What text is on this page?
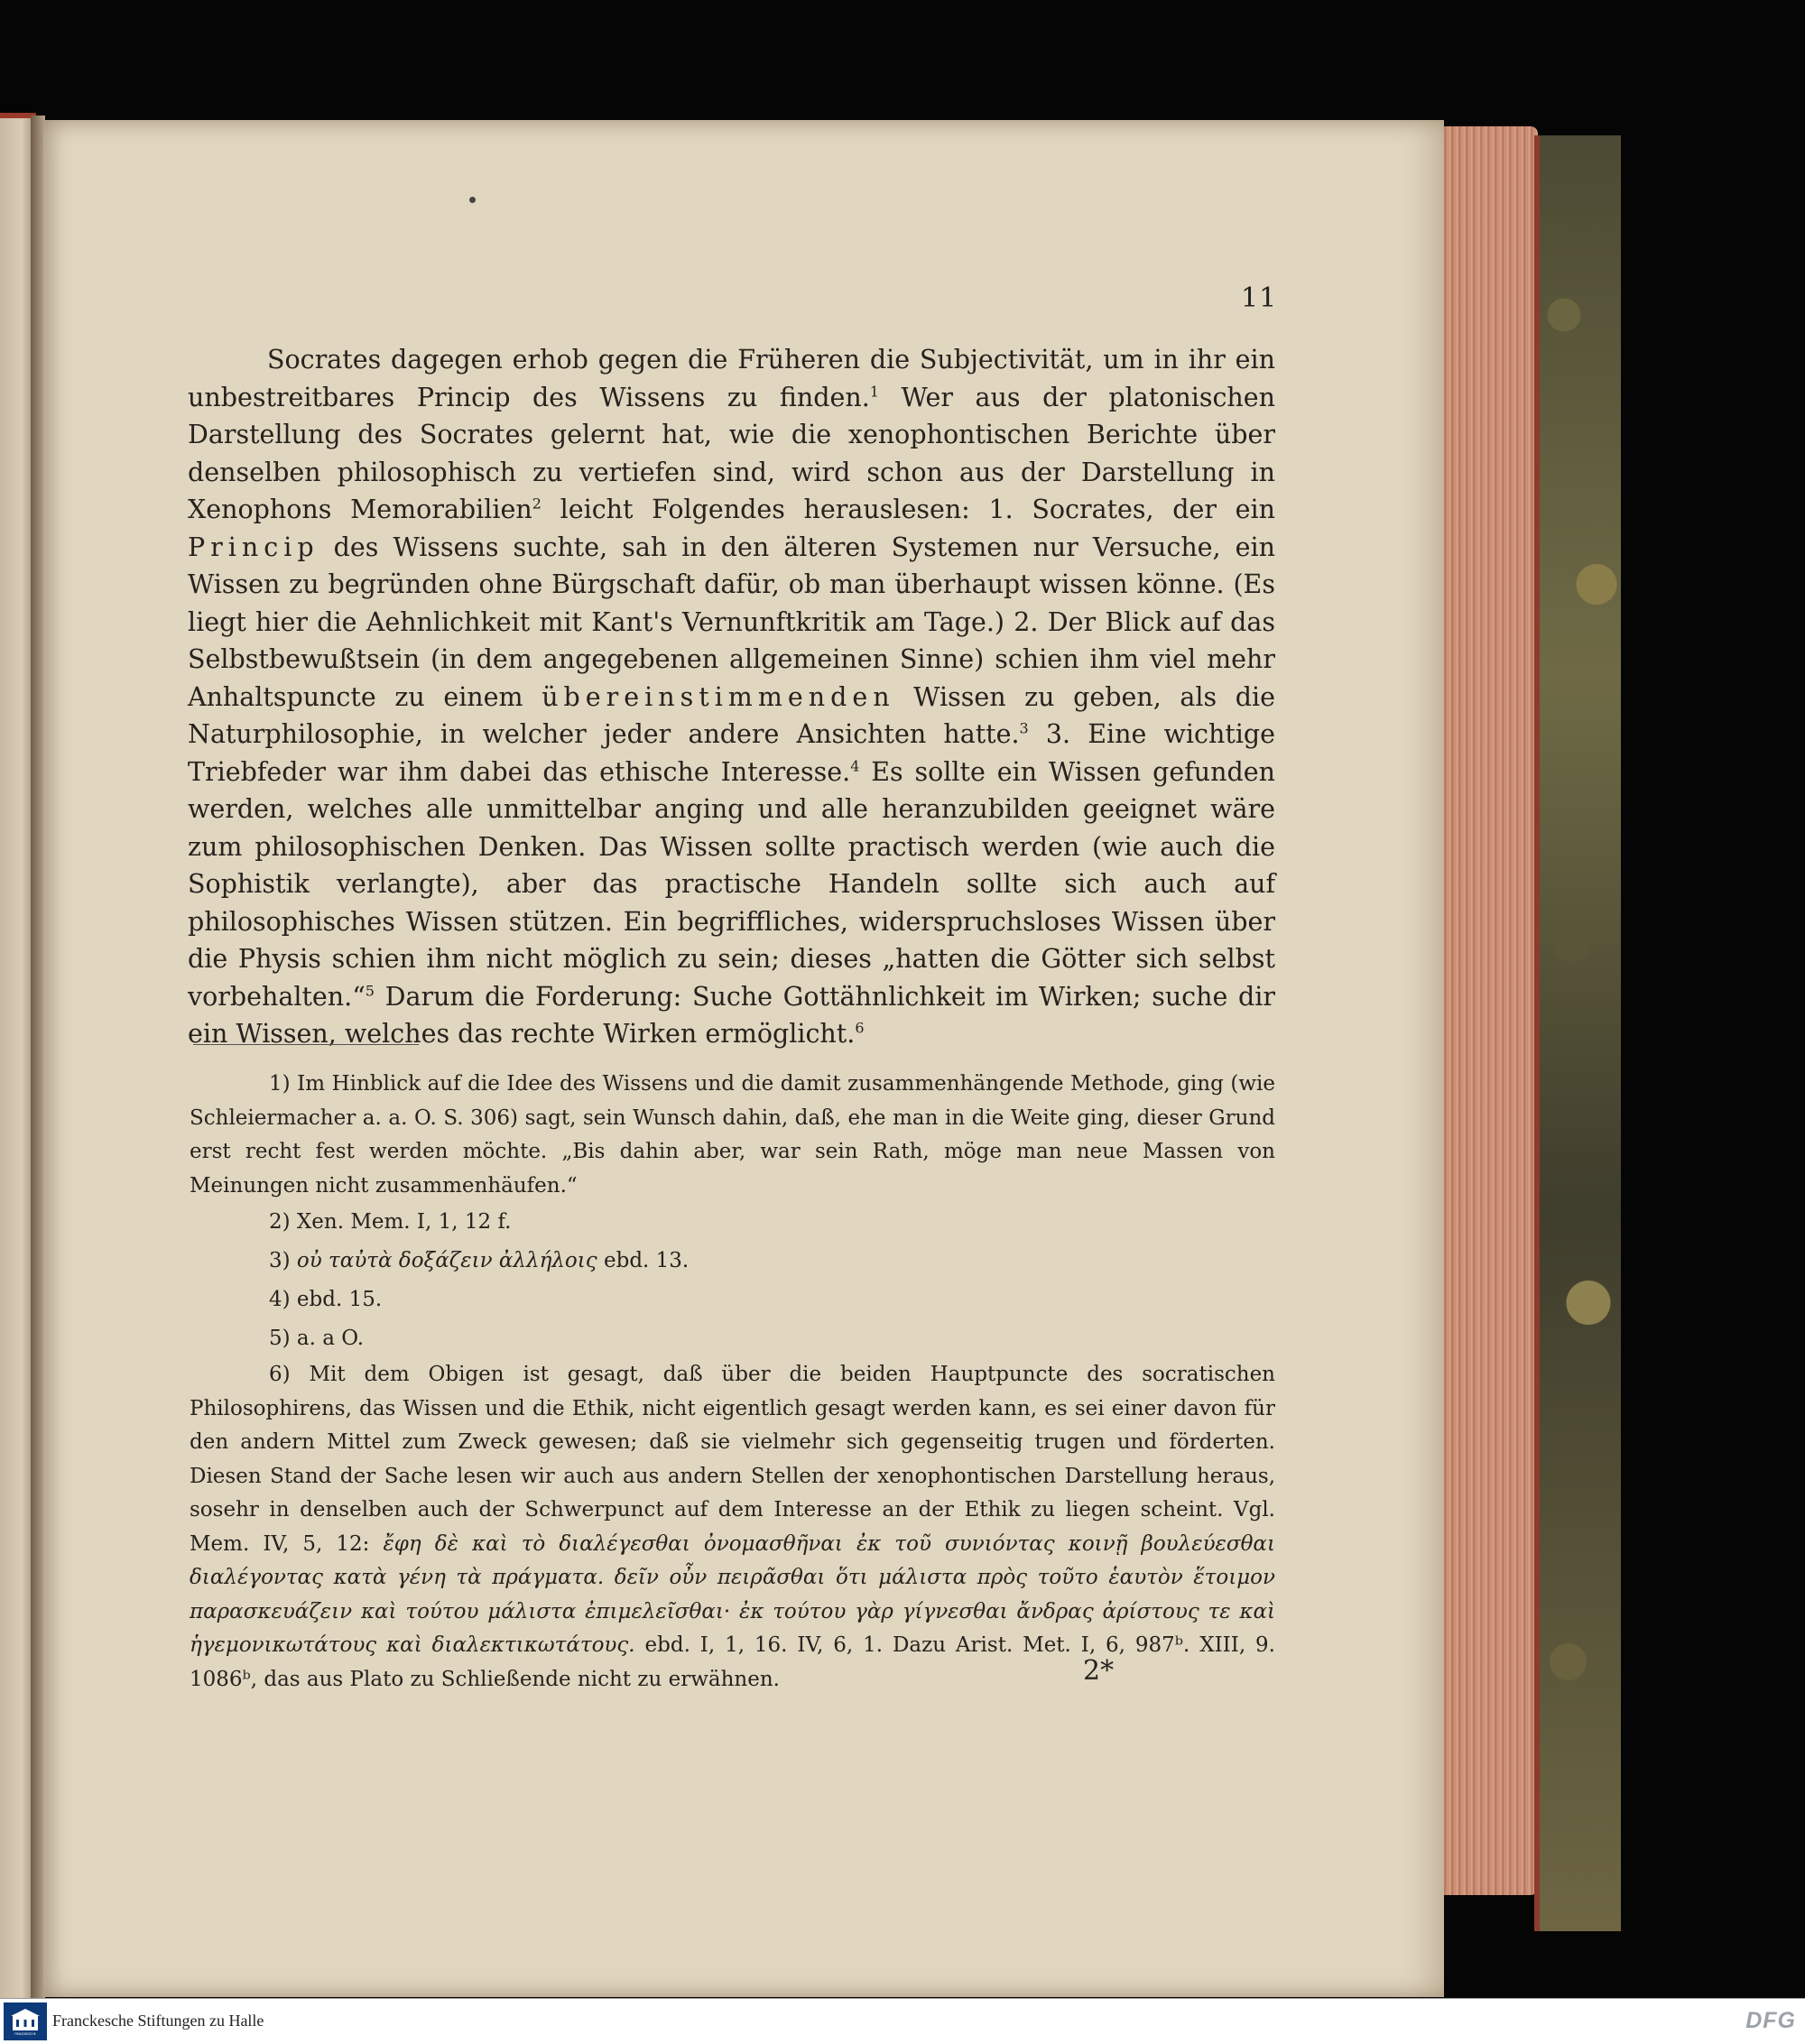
11
Socrates dagegen erhob gegen die Früheren die Subjectivität, um in ihr ein unbestreitbares Princip des Wissens zu finden.$^1$ Wer aus der platonischen Darstellung des Socrates gelernt hat, wie die xenophontischen Berichte über denselben philosophisch zu vertiefen sind, wird schon aus der Darstellung in Xenophons Memorabilien$^2$ leicht Folgendes herauslesen: 1. Socrates, der ein Princip des Wissens suchte, sah in den älteren Systemen nur Versuche, ein Wissen zu begründen ohne Bürgschaft dafür, ob man überhaupt wissen könne. (Es liegt hier die Aehnlichkeit mit Kant's Vernunftkritik am Tage.) 2. Der Blick auf das Selbstbewußtsein (in dem angegebenen allgemeinen Sinne) schien ihm viel mehr Anhaltspuncte zu einem übereinstimmenden Wissen zu geben, als die Naturphilosophie, in welcher jeder andere Ansichten hatte.$^3$ 3. Eine wichtige Triebfeder war ihm dabei das ethische Interesse.$^4$ Es sollte ein Wissen gefunden werden, welches alle unmittelbar anging und alle heranzubilden geeignet wäre zum philosophischen Denken. Das Wissen sollte practisch werden (wie auch die Sophistik verlangte), aber das practische Handeln sollte sich auch auf philosophisches Wissen stützen. Ein begriffliches, widerspruchsloses Wissen über die Physis schien ihm nicht möglich zu sein; dieses „hatten die Götter sich selbst vorbehalten.“$^5$ Darum die Forderung: Suche Gottähnlichkeit im Wirken; suche dir ein Wissen, welches das rechte Wirken ermöglicht.$^6$

1) Im Hinblick auf die Idee des Wissens und die damit zusammenhängende Methode, ging (wie Schleiermacher a. a. O. S. 306) sagt, sein Wunsch dahin, daß, ehe man in die Weite ging, dieser Grund erst recht fest werden möchte. „Bis dahin aber, war sein Rath, möge man neue Massen von Meinungen nicht zusammenhäufen.“

2) Xen. Mem. I, 1, 12 f.

3) οὐ ταὐτὰ δοξάζειν ἀλλήλοις ebd. 13.

4) ebd. 15.

5) a. a O.

6) Mit dem Obigen ist gesagt, daß über die beiden Hauptpuncte des socratischen Philosophirens, das Wissen und die Ethik, nicht eigentlich gesagt werden kann, es sei einer davon für den andern Mittel zum Zweck gewesen; daß sie vielmehr sich gegenseitig trugen und förderten. Diesen Stand der Sache lesen wir auch aus andern Stellen der xenophontischen Darstellung heraus, sosehr in denselben auch der Schwerpunct auf dem Interesse an der Ethik zu liegen scheint. Vgl. Mem. IV, 5, 12: ἔφη δὲ καὶ τὸ διαλέγεσθαι ὀνομασθῆναι ἐκ τοῦ συνιόντας κοινῇ βουλεύεσθαι διαλέγοντας κατὰ γένη τὰ πράγματα. δεῖν οὖν πειρᾶσθαι ὅτι μάλιστα πρὸς τοῦτο ἑαυτὸν ἕτοιμον παρασκευάζειν καὶ τούτου μάλιστα ἐπιμελεῖσθαι· ἐκ τούτου γὰρ γίγνεσθαι ἄνδρας ἀρίστους τε καὶ ἡγεμονικωτάτους καὶ διαλεκτικωτάτους. ebd. I, 1, 16. IV, 6, 1. Dazu Arist. Met. I, 6, 987ᵇ. XIII, 9. 1086ᵇ, das aus Plato zu Schließende nicht zu erwähnen.	2*
FRANCKESCHE
Franckesche Stiftungen zu Halle	DFG
